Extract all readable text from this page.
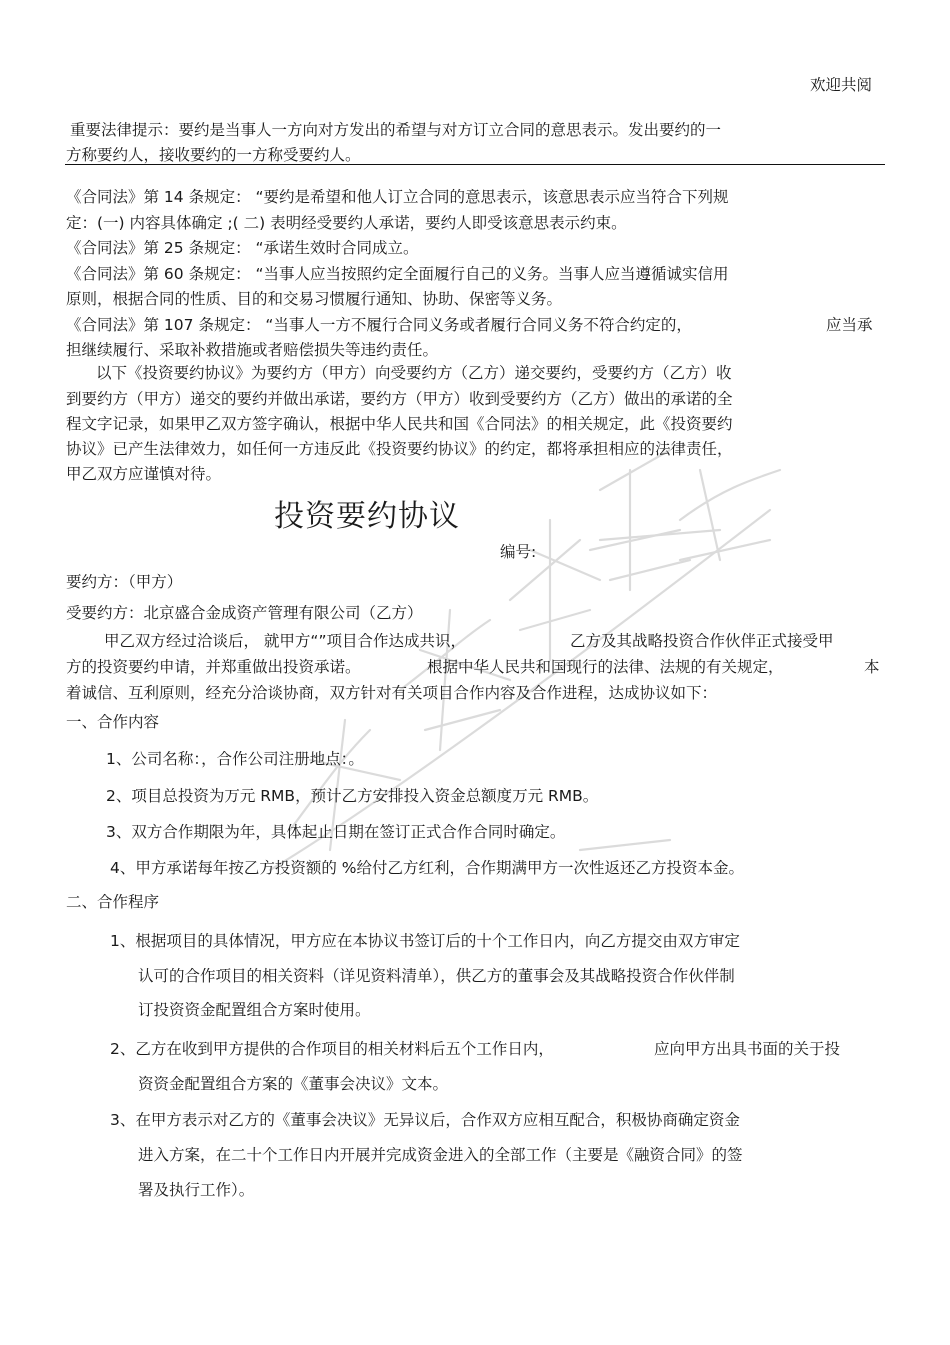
欢迎共阅
重要法律提示：要约是当事人一方向对方发出的希望与对方订立合同的意思表示。发出要约的一
方称要约人，接收要约的一方称受要约人。
《合同法》第 14 条规定： “要约是希望和他人订立合同的意思表示，该意思表示应当符合下列规
定：(一) 内容具体确定 ;( 二) 表明经受要约人承诺，要约人即受该意思表示约束。
《合同法》第 25 条规定： “承诺生效时合同成立。
《合同法》第 60 条规定： “当事人应当按照约定全面履行自己的义务。当事人应当遵循诚实信用
原则，根据合同的性质、目的和交易习惯履行通知、协助、保密等义务。
《合同法》第 107 条规定： “当事人一方不履行合同义务或者履行合同义务不符合约定的，	应当承
担继续履行、采取补救措施或者赔偿损失等违约责任。
以下《投资要约协议》为要约方（甲方）向受要约方（乙方）递交要约，受要约方（乙方）收
到要约方（甲方）递交的要约并做出承诺，要约方（甲方）收到受要约方（乙方）做出的承诺的全
程文字记录，如果甲乙双方签字确认，根据中华人民共和国《合同法》的相关规定，此《投资要约
协议》已产生法律效力，如任何一方违反此《投资要约协议》的约定，都将承担相应的法律责任，
甲乙双方应谨慎对待。
投资要约协议
编号:
要约方：（甲方）
受要约方：北京盛合金成资产管理有限公司（乙方）
甲乙双方经过洽谈后， 就甲方“”项目合作达成共识，	乙方及其战略投资合作伙伴正式接受甲
方的投资要约申请，并郑重做出投资承诺。	根据中华人民共和国现行的法律、法规的有关规定，	本
着诚信、互利原则，经充分洽谈协商，双方针对有关项目合作内容及合作进程，达成协议如下：
一、合作内容
1、公司名称：，合作公司注册地点：。
2、项目总投资为万元 RMB，预计乙方安排投入资金总额度万元 RMB。
3、双方合作期限为年，具体起止日期在签订正式合作合同时确定。
4、甲方承诺每年按乙方投资额的 %给付乙方红利，合作期满甲方一次性返还乙方投资本金。
二、合作程序
1、根据项目的具体情况，甲方应在本协议书签订后的十个工作日内，向乙方提交由双方审定
认可的合作项目的相关资料（详见资料清单），供乙方的董事会及其战略投资合作伙伴制
订投资资金配置组合方案时使用。
2、乙方在收到甲方提供的合作项目的相关材料后五个工作日内，	应向甲方出具书面的关于投
资资金配置组合方案的《董事会决议》文本。
3、在甲方表示对乙方的《董事会决议》无异议后，合作双方应相互配合，积极协商确定资金
进入方案，在二十个工作日内开展并完成资金进入的全部工作（主要是《融资合同》的签
署及执行工作）。
